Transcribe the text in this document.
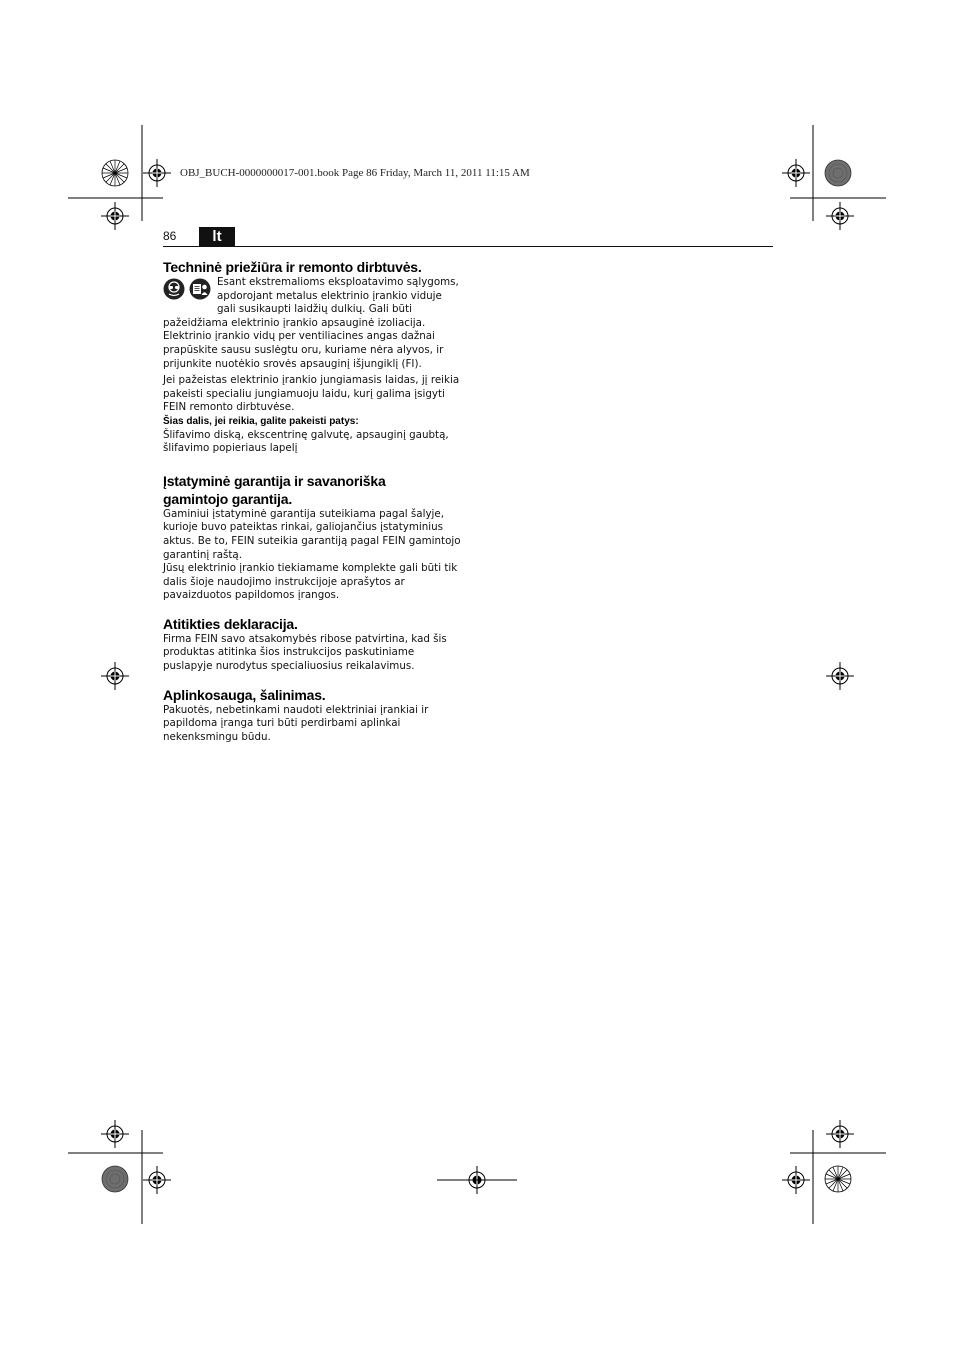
OBJ_BUCH-0000000017-001.book Page 86 Friday, March 11, 2011 11:15 AM
86	lt
Techninė priežiūra ir remonto dirbtuvės.

Esant ekstremalioms eksploatavimo sąlygoms,

apdorojant metalus elektrinio įrankio viduje

gali susikaupti laidžių dulkių. Gali būti

pažeidžiama elektrinio įrankio apsauginė izoliacija.

Elektrinio įrankio vidų per ventiliacines angas dažnai

prapūskite sausu suslėgtu oru, kuriame nėra alyvos, ir

prijunkite nuotėkio srovės apsauginį išjungiklį (FI).

Jei pažeistas elektrinio įrankio jungiamasis laidas, jį reikia

pakeisti specialiu jungiamuoju laidu, kurį galima įsigyti

FEIN remonto dirbtuvėse.

Šias dalis, jei reikia, galite pakeisti patys:

Šlifavimo diską, ekscentrinę galvutę, apsauginį gaubtą,

šlifavimo popieriaus lapelį

Įstatyminė garantija ir savanoriška
gamintojo garantija.

Gaminiui įstatyminė garantija suteikiama pagal šalyje,

kurioje buvo pateiktas rinkai, galiojančius įstatyminius

aktus. Be to, FEIN suteikia garantiją pagal FEIN gamintojo

garantinį raštą.

Jūsų elektrinio įrankio tiekiamame komplekte gali būti tik

dalis šioje naudojimo instrukcijoje aprašytos ar

pavaizduotos papildomos įrangos.

Atitikties deklaracija.

Firma FEIN savo atsakomybės ribose patvirtina, kad šis

produktas atitinka šios instrukcijos paskutiniame

puslapyje nurodytus specialiuosius reikalavimus.

Aplinkosauga, šalinimas.

Pakuotės, nebetinkami naudoti elektriniai įrankiai ir

papildoma įranga turi būti perdirbami aplinkai

nekenksmingu būdu.
